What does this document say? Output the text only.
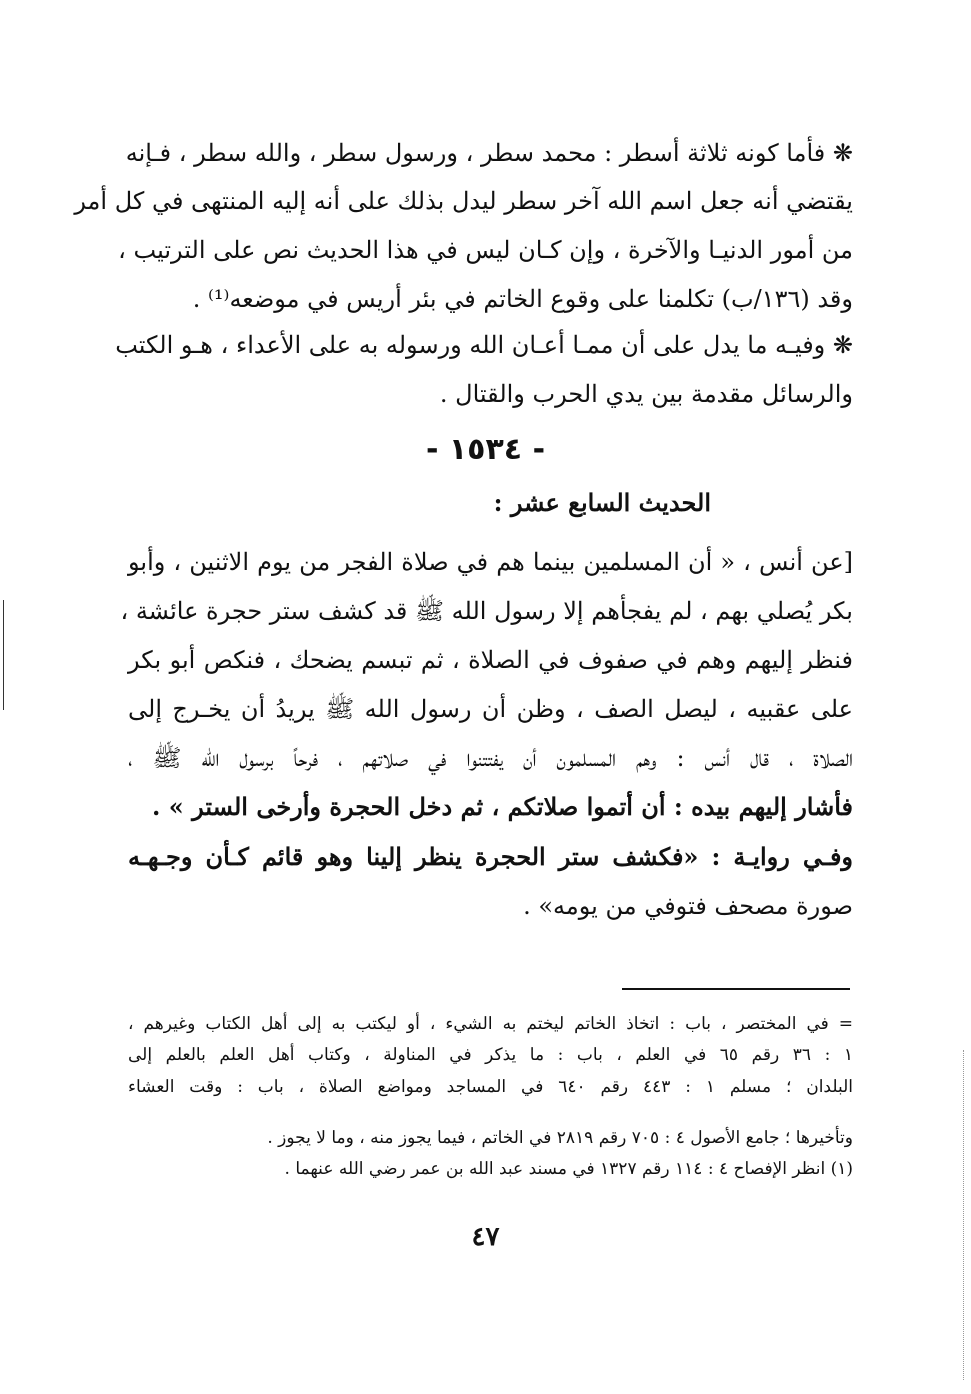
❋ فأما كونه ثلاثة أسطر : محمد سطر ، ورسول سطر ، والله سطر ، فـإنه
يقتضي أنه جعل اسم الله آخر سطر ليدل بذلك على أنه إليه المنتهى في كل أمر
من أمور الدنيـا والآخرة ، وإن كـان ليس في هذا الحديث نص على الترتيب ،
وقد (١٣٦/ب) تكلمنا على وقوع الخاتم في بئر أريس في موضعه⁽¹⁾ .
❋ وفيـه ما يدل على أن ممـا أعـان الله ورسوله به على الأعداء ، هـو الكتب
والرسائل مقدمة بين يدي الحرب والقتال .
- ١٥٣٤ -
الحديث السابع عشر :
[عن أنس ، « أن المسلمين بينما هم في صلاة الفجر من يوم الاثنين ، وأبو
بكر يُصلي بهم ، لم يفجأهم إلا رسول الله ﷺ قد كشف ستر حجرة عائشة ،
فنظر إليهم وهم في صفوف في الصلاة ، ثم تبسم يضحك ، فنكص أبو بكر
على عقبيه ، ليصل الصف ، وظن أن رسول الله ﷺ يريدُ أن يخـرج إلى
الصلاة ، قال أنس : وهم المسلمون أن يفتتنوا في صلاتهم ، فرحاً برسول الله ﷺ ،
فأشار إليهم بيده : أن أتموا صلاتكم ، ثم دخل الحجرة وأرخى الستر » .
وفـي روايـة : «فكشف ستر الحجرة ينظر إلينا وهو قائم كـأن وجـهـه
صورة مصحف فتوفي من يومه» .
= في المختصر ، باب : اتخاذ الخاتم ليختم به الشيء ، أو ليكتب به إلى أهل الكتاب وغيرهم ،
١ : ٣٦ رقم ٦٥ في العلم ، باب : ما يذكر في المناولة ، وكتاب أهل العلم بالعلم إلى
البلدان ؛ مسلم ١ : ٤٤٣ رقم ٦٤٠ في المساجد ومواضع الصلاة ، باب : وقت العشاء
وتأخيرها ؛ جامع الأصول ٤ : ٧٠٥ رقم ٢٨١٩ في الخاتم ، فيما يجوز منه ، وما لا يجوز .
(١) انظر الإفصاح ٤ : ١١٤ رقم ١٣٢٧ في مسند عبد الله بن عمر رضي الله عنهما .
٤٧
